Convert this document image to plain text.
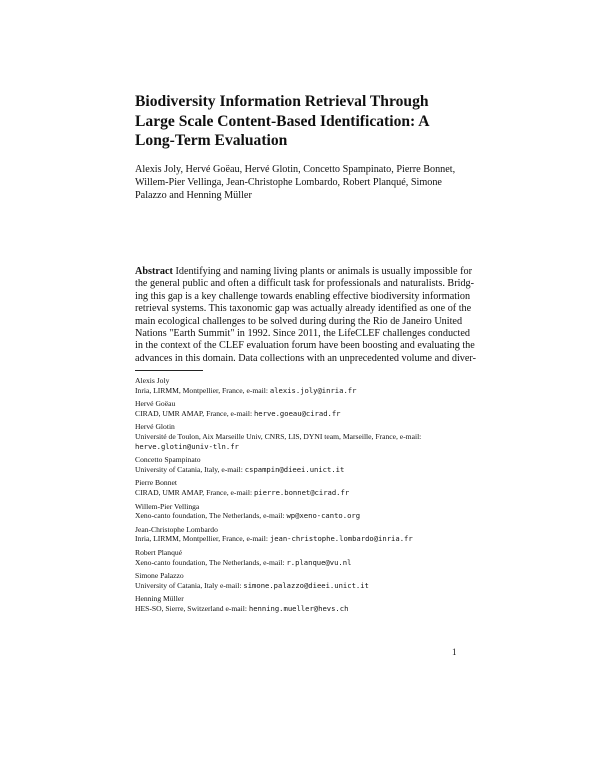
Biodiversity Information Retrieval Through
Large Scale Content-Based Identification: A
Long-Term Evaluation
Alexis Joly, Hervé Goëau, Hervé Glotin, Concetto Spampinato, Pierre Bonnet,
Willem-Pier Vellinga, Jean-Christophe Lombardo, Robert Planqué, Simone
Palazzo and Henning Müller
Abstract Identifying and naming living plants or animals is usually impossible for
the general public and often a difficult task for professionals and naturalists. Bridg-
ing this gap is a key challenge towards enabling effective biodiversity information
retrieval systems. This taxonomic gap was actually already identified as one of the
main ecological challenges to be solved during during the Rio de Janeiro United
Nations "Earth Summit" in 1992. Since 2011, the LifeCLEF challenges conducted
in the context of the CLEF evaluation forum have been boosting and evaluating the
advances in this domain. Data collections with an unprecedented volume and diver-
Alexis Joly
Inria, LIRMM, Montpellier, France, e-mail: alexis.joly@inria.fr
Hervé Goëau
CIRAD, UMR AMAP, France, e-mail: herve.goeau@cirad.fr
Hervé Glotin
Université de Toulon, Aix Marseille Univ, CNRS, LIS, DYNI team, Marseille, France, e-mail:
herve.glotin@univ-tln.fr
Concetto Spampinato
University of Catania, Italy, e-mail: cspampin@dieei.unict.it
Pierre Bonnet
CIRAD, UMR AMAP, France, e-mail: pierre.bonnet@cirad.fr
Willem-Pier Vellinga
Xeno-canto foundation, The Netherlands, e-mail: wp@xeno-canto.org
Jean-Christophe Lombardo
Inria, LIRMM, Montpellier, France, e-mail: jean-christophe.lombardo@inria.fr
Robert Planqué
Xeno-canto foundation, The Netherlands, e-mail: r.planque@vu.nl
Simone Palazzo
University of Catania, Italy e-mail: simone.palazzo@dieei.unict.it
Henning Müller
HES-SO, Sierre, Switzerland e-mail: henning.mueller@hevs.ch
1
